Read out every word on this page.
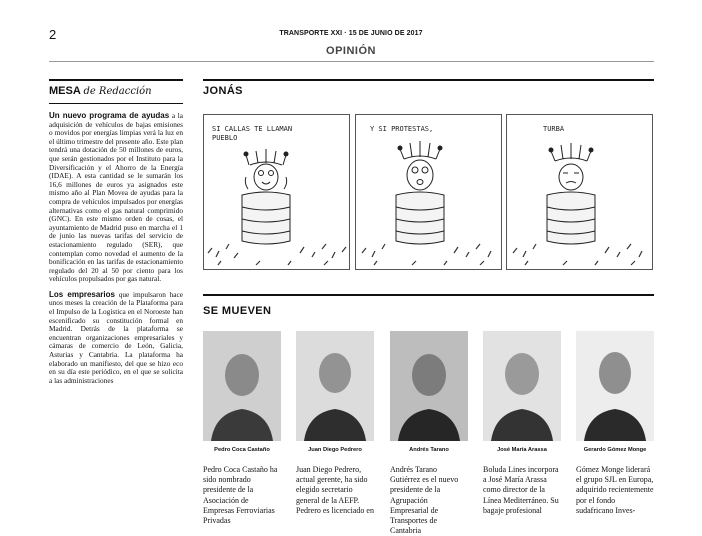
2	TRANSPORTE XXI · 15 DE JUNIO DE 2017
OPINIÓN
MESA de Redacción

Un nuevo programa de ayudas a la adquisición de vehículos de bajas emisiones o movidos por energías limpias verá la luz en el último trimestre del presente año. Este plan tendrá una dotación de 50 millones de euros, que serán gestionados por el Instituto para la Diversificación y el Ahorro de la Energía (IDAE). A esta cantidad se le sumarán los 16,6 millones de euros ya asignados este mismo año al Plan Movea de ayudas para la compra de vehículos impulsados por energías alternativas como el gas natural comprimido (GNC). En este mismo orden de cosas, el ayuntamiento de Madrid puso en marcha el 1 de junio las nuevas tarifas del servicio de estacionamiento regulado (SER), que contemplan como novedad el aumento de la bonificación en las tarifas de estacionamiento regulado del 20 al 50 por ciento para los vehículos propulsados por gas natural.

Los empresarios que impulsaron hace unos meses la creación de la Plataforma para el Impulso de la Logística en el Noroeste han escenificado su constitución formal en Madrid. Detrás de la plataforma se encuentran organizaciones empresariales y cámaras de comercio de León, Galicia, Asturias y Cantabria. La plataforma ha elaborado un manifiesto, del que se hizo eco en su día este periódico, en el que se solicita a las administraciones

JONÁS
SI CALLAS TE LLAMAN
PUEBLO
Y SI PROTESTAS,	TURBA
SE MUEVEN
Pedro Coca Castaño
Pedro Coca Castaño ha sido nombrado presidente de la Asociación de Empresas Ferroviarias Privadas
Juan Diego Pedrero
Juan Diego Pedrero, actual gerente, ha sido elegido secretario general de la AEFP. Pedrero es licenciado en
Andrés Tarano
Andrés Tarano Gutiérrez es el nuevo presidente de la Agrupación Empresarial de Transportes de Cantabria
José María Arassa
Boluda Lines incorpora a José María Arassa como director de la Línea Mediterráneo. Su bagaje profesional
Gerardo Gómez Monge
Gómez Monge liderará el grupo SJL en Europa, adquirido recientemente por el fondo sudafricano Inves-
